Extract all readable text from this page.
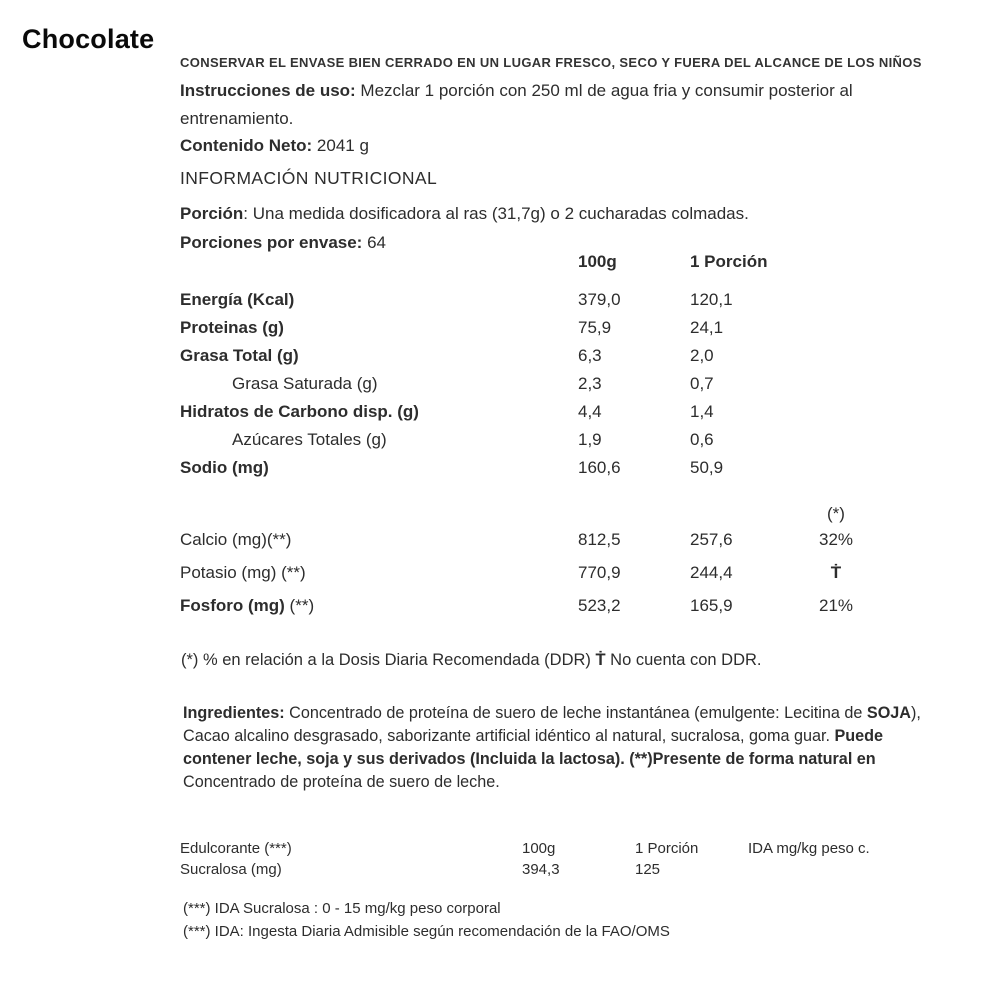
Chocolate
CONSERVAR EL ENVASE BIEN CERRADO EN UN LUGAR FRESCO, SECO Y FUERA DEL ALCANCE DE LOS NIÑOS
Instrucciones de uso: Mezclar 1 porción con 250 ml de agua fria y consumir posterior al entrenamiento.
Contenido Neto: 2041 g
INFORMACIÓN NUTRICIONAL
Porción: Una medida dosificadora al ras (31,7g) o 2 cucharadas colmadas.
Porciones por envase: 64
100g	1 Porción
Energía (Kcal)	379,0	120,1
Proteinas (g)	75,9	24,1
Grasa Total (g)	6,3	2,0
Grasa Saturada (g)	2,3	0,7
Hidratos de Carbono disp. (g)	4,4	1,4
Azúcares Totales (g)	1,9	0,6
Sodio (mg)	160,6	50,9
(*)
Calcio (mg)(**)	812,5	257,6	32%
Potasio (mg) (**)	770,9	244,4	Ṫ
Fosforo (mg) (**)	523,2	165,9	21%
(*) % en relación a la Dosis Diaria Recomendada (DDR) Ṫ No cuenta con DDR.
Ingredientes: Concentrado de proteína de suero de leche instantánea (emulgente: Lecitina de SOJA), Cacao alcalino desgrasado, saborizante artificial idéntico al natural, sucralosa, goma guar. Puede contener leche, soja y sus derivados (Incluida la lactosa). (**)Presente de forma natural en Concentrado de proteína de suero de leche.
Edulcorante (***)	100g	1 Porción	IDA mg/kg peso c.
Sucralosa (mg)	394,3	125
(***) IDA Sucralosa : 0 - 15 mg/kg peso corporal
(***) IDA: Ingesta Diaria Admisible según recomendación de la FAO/OMS
